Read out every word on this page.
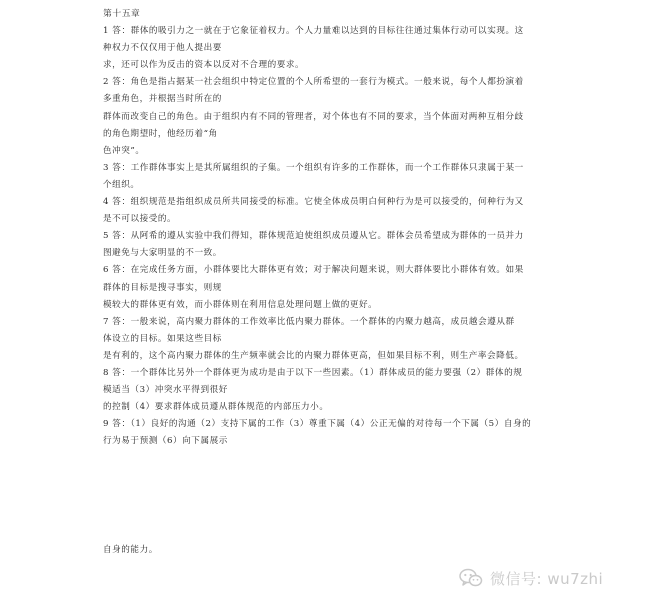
第十五章
1 答：群体的吸引力之一就在于它象征着权力。个人力量难以达到的目标往往通过集体行动可以实现。这
种权力不仅仅用于他人提出要
求，还可以作为反击的资本以反对不合理的要求。
2 答：角色是指占据某一社会组织中特定位置的个人所希望的一套行为模式。一般来说，每个人都扮演着
多重角色，并根据当时所在的
群体而改变自己的角色。由于组织内有不同的管理者，对个体也有不同的要求，当个体面对两种互相分歧
的角色期望时，他经历着“角
色冲突”。
3 答：工作群体事实上是其所属组织的子集。一个组织有许多的工作群体，而一个工作群体只隶属于某一
个组织。
4 答：组织规范是指组织成员所共同接受的标准。它使全体成员明白何种行为是可以接受的，何种行为又
是不可以接受的。
5 答：从阿希的遵从实验中我们得知，群体规范迫使组织成员遵从它。群体会员希望成为群体的一员并力
图避免与大家明显的不一致。
6 答：在完成任务方面，小群体要比大群体更有效；对于解决问题来说，则大群体要比小群体有效。如果
群体的目标是搜寻事实，则规
模较大的群体更有效，而小群体则在利用信息处理问题上做的更好。
7 答：一般来说，高内聚力群体的工作效率比低内聚力群体。一个群体的内聚力越高，成员越会遵从群
体设立的目标。如果这些目标
是有利的，这个高内聚力群体的生产频率就会比的内聚力群体更高，但如果目标不利，则生产率会降低。
8 答：一个群体比另外一个群体更为成功是由于以下一些因素。（1）群体成员的能力要强（2）群体的规
模适当（3）冲突水平得到很好
的控制（4）要求群体成员遵从群体规范的内部压力小。
9 答：（1）良好的沟通（2）支持下属的工作（3）尊重下属（4）公正无偏的对待每一个下属（5）自身的
行为易于预测（6）向下属展示
自身的能力。
微信号: wu7zhi
